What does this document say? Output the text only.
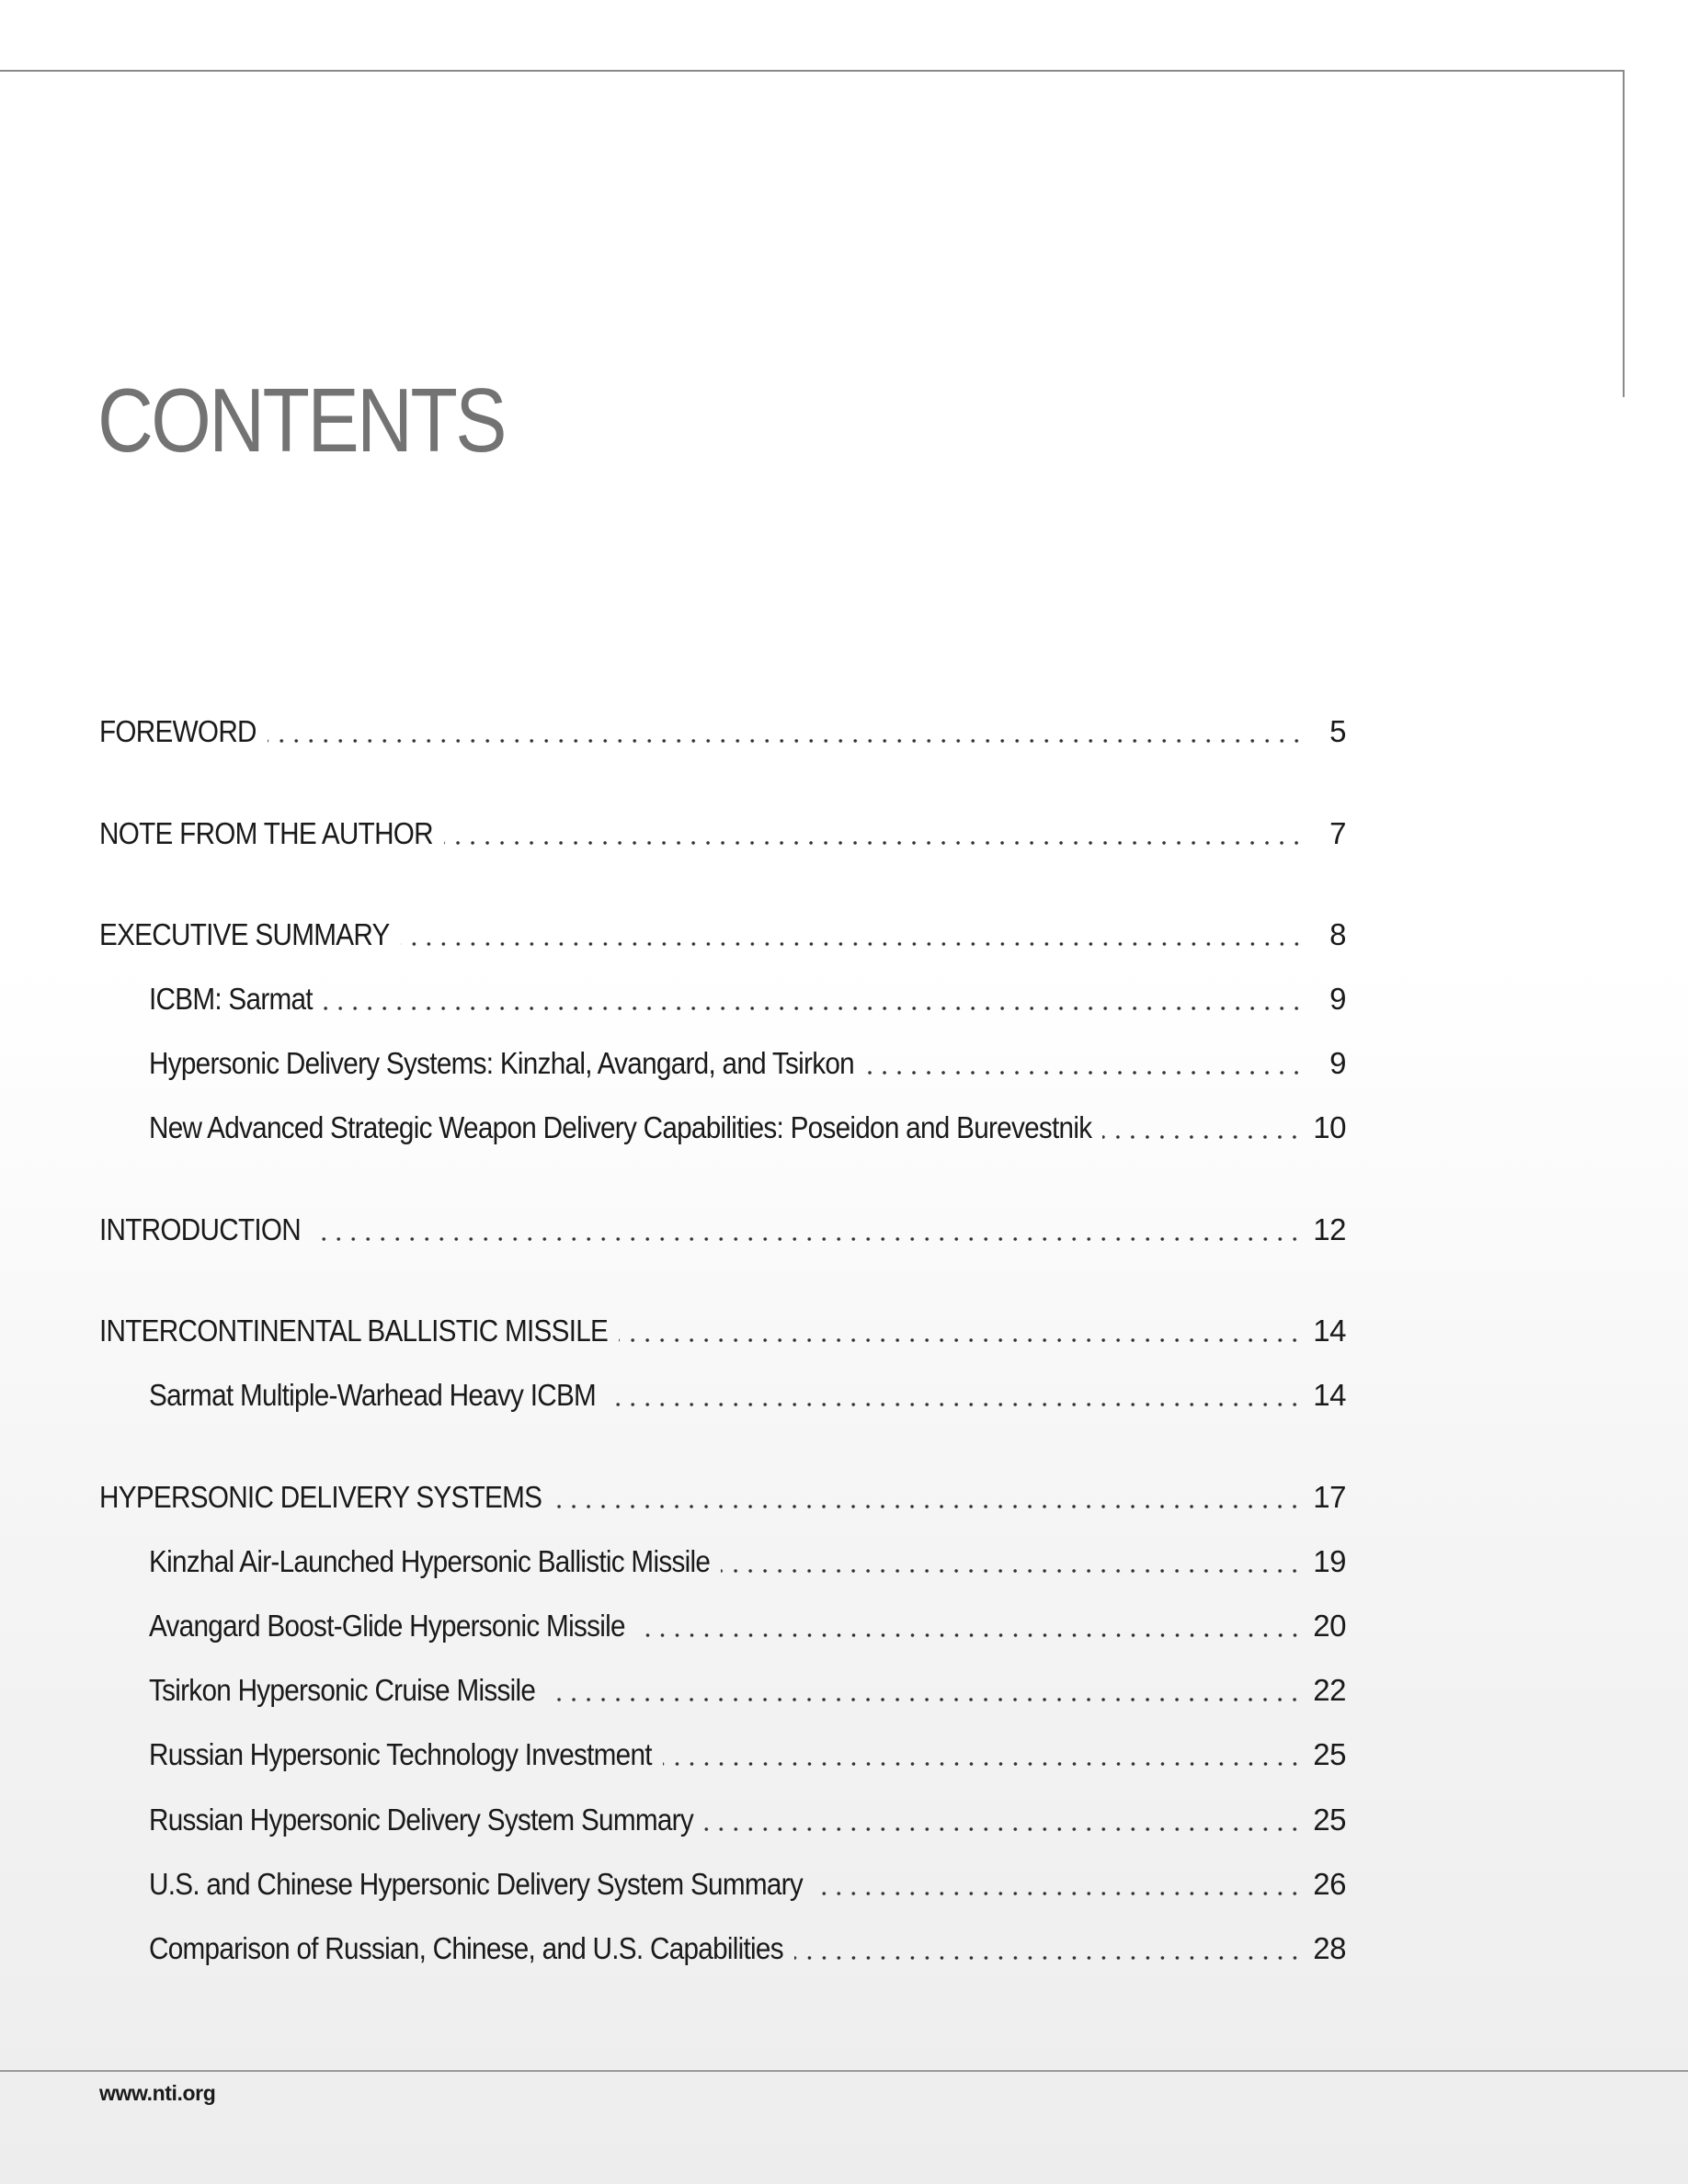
CONTENTS
FOREWORD	5
NOTE FROM THE AUTHOR	7
EXECUTIVE SUMMARY	8
ICBM: Sarmat	9
Hypersonic Delivery Systems: Kinzhal, Avangard, and Tsirkon	9
New Advanced Strategic Weapon Delivery Capabilities: Poseidon and Burevestnik	10
INTRODUCTION	12
INTERCONTINENTAL BALLISTIC MISSILE	14
Sarmat Multiple-Warhead Heavy ICBM	14
HYPERSONIC DELIVERY SYSTEMS	17
Kinzhal Air-Launched Hypersonic Ballistic Missile	19
Avangard Boost-Glide Hypersonic Missile	20
Tsirkon Hypersonic Cruise Missile	22
Russian Hypersonic Technology Investment	25
Russian Hypersonic Delivery System Summary	25
U.S. and Chinese Hypersonic Delivery System Summary	26
Comparison of Russian, Chinese, and U.S. Capabilities	28
www.nti.org
